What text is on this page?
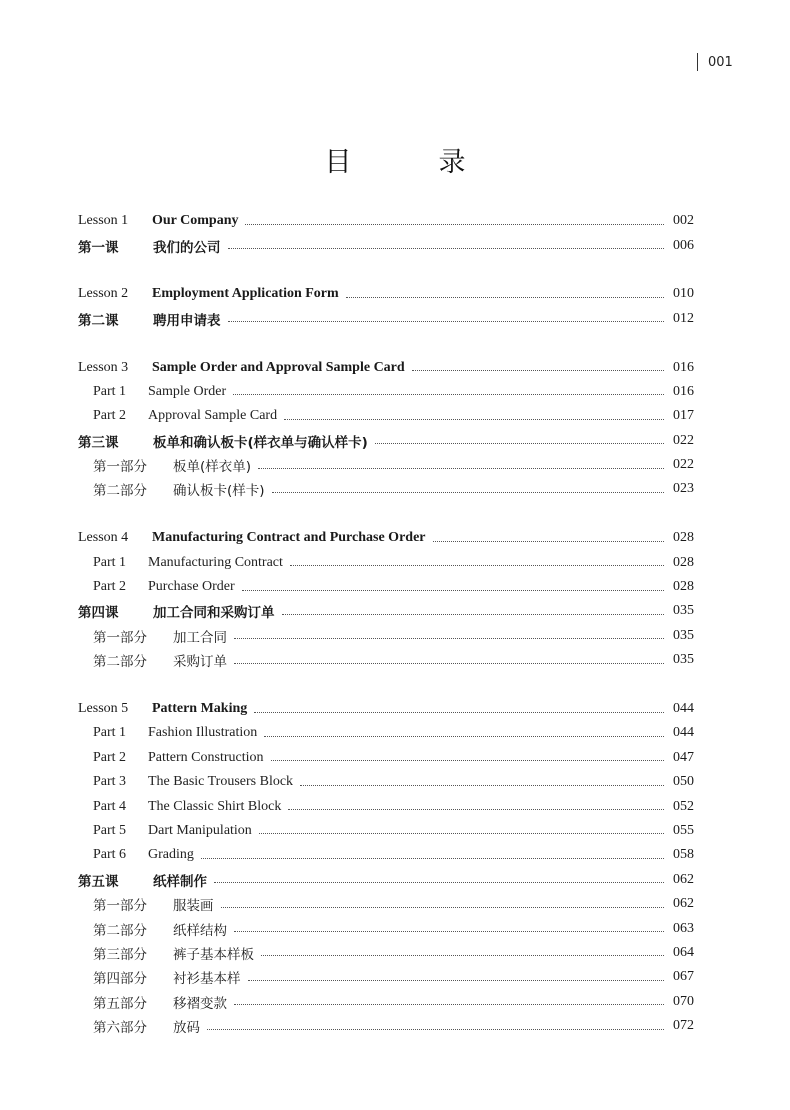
001
目　录
Lesson 1	Our Company	002
第一课	我们的公司	006
Lesson 2	Employment Application Form	010
第二课	聘用申请表	012
Lesson 3	Sample Order and Approval Sample Card	016
Part 1	Sample Order	016
Part 2	Approval Sample Card	017
第三课	板单和确认板卡(样衣单与确认样卡)	022
第一部分	板单(样衣单)	022
第二部分	确认板卡(样卡)	023
Lesson 4	Manufacturing Contract and Purchase Order	028
Part 1	Manufacturing Contract	028
Part 2	Purchase Order	028
第四课	加工合同和采购订单	035
第一部分	加工合同	035
第二部分	采购订单	035
Lesson 5	Pattern Making	044
Part 1	Fashion Illustration	044
Part 2	Pattern Construction	047
Part 3	The Basic Trousers Block	050
Part 4	The Classic Shirt Block	052
Part 5	Dart Manipulation	055
Part 6	Grading	058
第五课	纸样制作	062
第一部分	服装画	062
第二部分	纸样结构	063
第三部分	裤子基本样板	064
第四部分	衬衫基本样	067
第五部分	移褶变款	070
第六部分	放码	072
